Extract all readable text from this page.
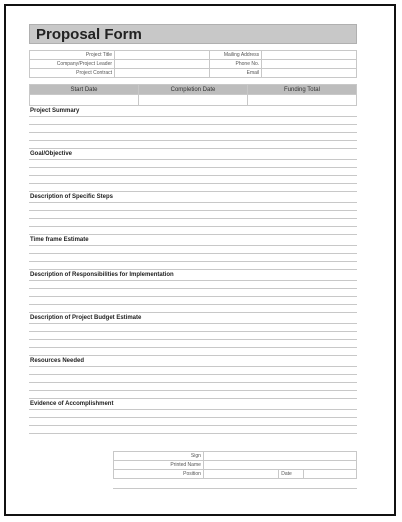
Proposal Form
Project Title		Mailing Address	
Company/Project Leader		Phone No.	
Project Contract		Email	
Start Date	Completion Date	Funding Total

Project Summary
Goal/Objective
Description of Specific Steps
Time frame Estimate
Description of Responsibilities for Implementation
Description of Project Budget Estimate
Resources Needed
Evidence of Accomplishment
Sign			
Printed Name			
Position		Date	
